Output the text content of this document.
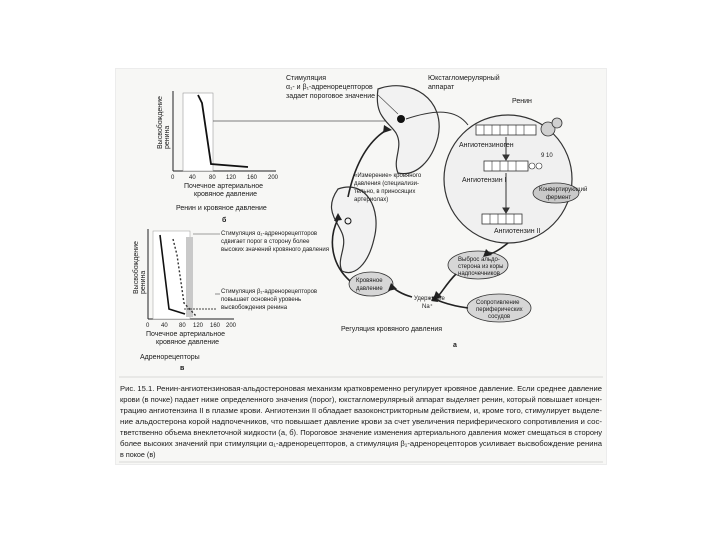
Высвобождение ренина
0 40 80 120 160 200
Почечное артериальное
кровяное давление
Ренин и кровяное давление
б
Высвобождение ренина
Стимуляция α₁-адренорецепторов
сдвигает порог в сторону более
высоких значений кровяного давления
Стимуляция β₁-адренорецепторов
повышает основной уровень
высвобождения ренина
0 40 80 120 160 200
Почечное артериальное
кровяное давление
Адренорецепторы
в
Стимуляция
α₁- и β₁-адренорецепторов
задает пороговое значение
Юкстагломерулярный
аппарат
Ренин
Ангиотензиноген
Ангиотензин I
9 10
Конвертирующий
фермент
Ангиотензин II
«Измерение» кровяного
давления (специализи-
тельно, в приносящих
артериолах)
Выброс альдо-
стерона из коры
надпочечников
Сопротивление
периферических
сосудов
Удержание
Na⁺
Кровяное
давление
Регуляция кровяного давления
а
Рис. 15.1. Ренин-ангиотензиновая-альдостероновая механизм кратковременно регулирует кровяное давление. Если среднее давление
крови (в почке) падает ниже определенного значения (порог), юкстагломерулярный аппарат выделяет ренин, который повышает концен-
трацию ангиотензина II в плазме крови. Ангиотензин II обладает вазоконстрикторным действием, и, кроме того, стимулирует выделе-
ние альдостерона корой надпочечников, что повышает давление крови за счет увеличения периферического сопротивления и сос-
тветственно объема внеклеточной жидкости (а, б). Пороговое значение изменения артериального давления может смещаться в сторону
более высоких значений при стимуляции α₁-адренорецепторов, а стимуляция β₁-адренорецепторов усиливает высвобождение ренина
в покое (в)
